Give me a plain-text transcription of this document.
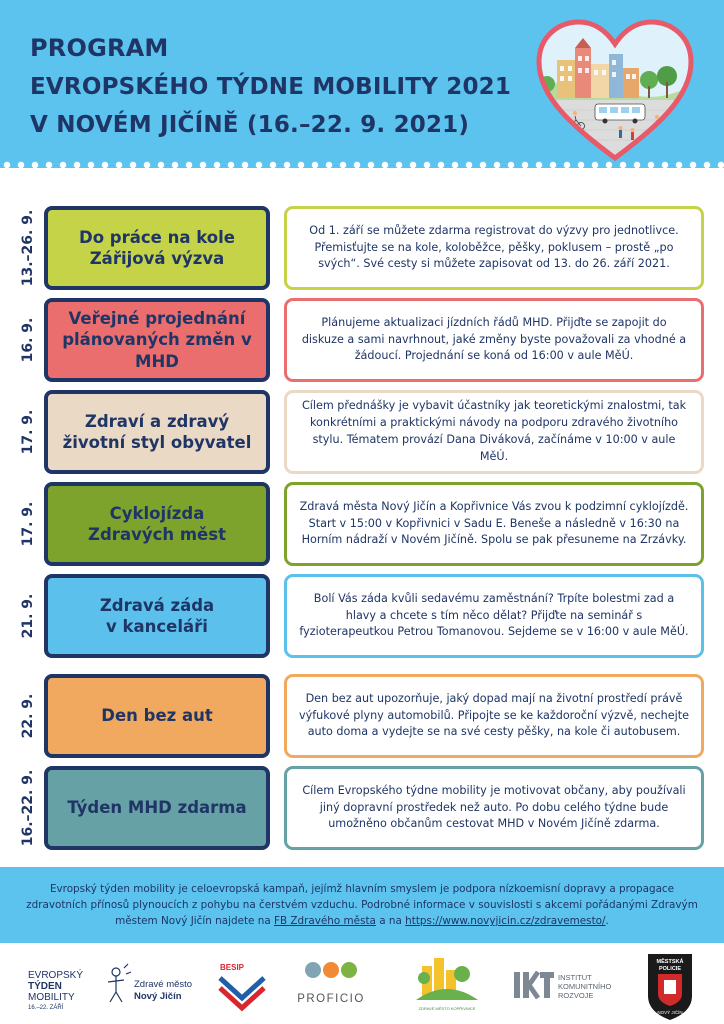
PROGRAM
EVROPSKÉHO TÝDNE MOBILITY 2021
V NOVÉM JIČÍNĚ (16.–22. 9. 2021)
13.–26. 9.	Do práce na kole
Zářijová výzva
Od 1. září se můžete zdarma registrovat do výzvy pro jednotlivce. Přemisťujte se na kole, koloběžce, pěšky, poklusem – prostě „po svých“. Své cesty si můžete zapisovat od 13. do 26. září 2021.
16. 9.	Veřejné projednání
plánovaných změn v MHD
Plánujeme aktualizaci jízdních řádů MHD. Přijďte se zapojit do diskuze a sami navrhnout, jaké změny byste považovali za vhodné a žádoucí. Projednání se koná od 16:00 v aule MěÚ.
17. 9.	Zdraví a zdravý
životní styl obyvatel
Cílem přednášky je vybavit účastníky jak teoretickými znalostmi, tak konkrétními a praktickými návody na podporu zdravého životního stylu. Tématem provází Dana Diváková, začínáme v 10:00 v aule MěÚ.
17. 9.	Cyklojízda
Zdravých měst
Zdravá města Nový Jičín a Kopřivnice Vás zvou k podzimní cyklojízdě. Start v 15:00 v Kopřivnici v Sadu E. Beneše a následně v 16:30 na Horním nádraží v Novém Jičíně. Spolu se pak přesuneme na Zrzávky.
21. 9.	Zdravá záda
v kanceláři
Bolí Vás záda kvůli sedavému zaměstnání? Trpíte bolestmi zad a hlavy a chcete s tím něco dělat? Přijďte na seminář s fyzioterapeutkou Petrou Tomanovou. Sejdeme se v 16:00 v aule MěÚ.
22. 9.	Den bez aut
Den bez aut upozorňuje, jaký dopad mají na životní prostředí právě výfukové plyny automobilů. Připojte se ke každoroční výzvě, nechejte auto doma a vydejte se na své cesty pěšky, na kole či autobusem.
16.–22. 9. Týden MHD zdarma
Cílem Evropského týdne mobility je motivovat občany, aby používali jiný dopravní prostředek než auto. Po dobu celého týdne bude umožněno občanům cestovat MHD v Novém Jičíně zdarma.

Evropský týden mobility je celoevropská kampaň, jejímž hlavním smyslem je podpora nízkoemisní dopravy a propagace zdravotních přínosů plynoucích z pohybu na čerstvém vzduchu. Podrobné informace v souvislosti s akcemi pořádanými Zdravým městem Nový Jičín najdete na FB Zdravého města a na https://www.novyjicin.cz/zdravemesto/.

EVROPSKÝ
TÝDEN
MOBILITY
16.–22. ZÁŘÍ
Zdravé město
Nový Jičín
BESIP
PROFICIO
ZDRAVÉ MĚSTO KOPŘIVNICE
INSTITUT
KOMUNITNÍHO
ROZVOJE
MĚSTSKÁ
POLICIE
NOVÝ JIČÍN
